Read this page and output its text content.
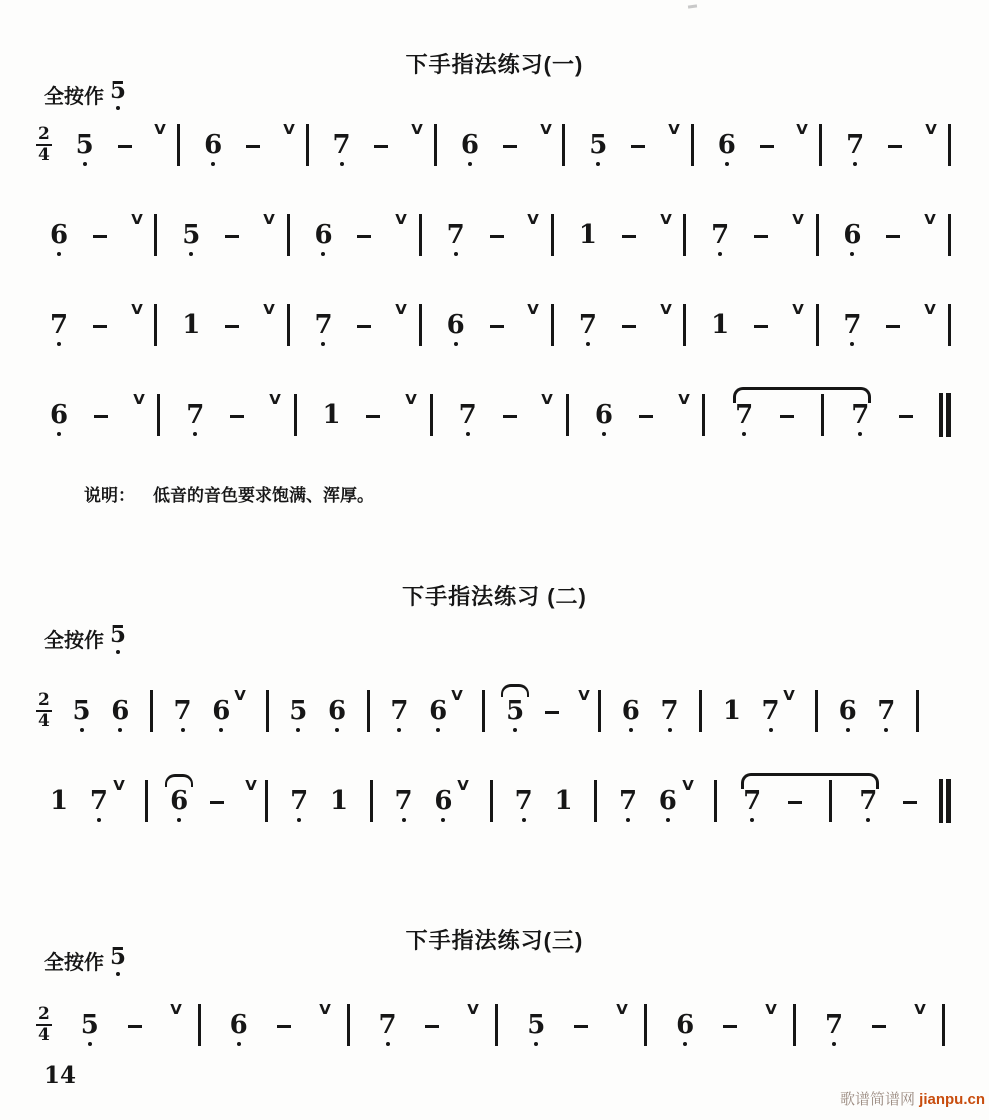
下手指法练习(一)
全按作 5
$\frac{2}{4} 5$	V 6	V 7	V 6	V 5	V 6	V 7	V
6	V 5	V 6	V 7	V 1	V 7	V 6	V
7	V 1	V 7	V 6	V 7	V 1	V 7	V
6	V 7	V 1	V 7	V 6	V 7	7

说明： 低音的音色要求饱满、浑厚。

下手指法练习 (二)
全按作 5
$\frac{2}{4} 5$ 6 7 6 V 5 6 7 6 V 5	V 6 7 1 7 V 6 7
1 7 V 6	V 7 1 7 6 V 7 1 7 6 V 7	7
下手指法练习(三)
全按作 5
$\frac{2}{4} 5$	V 6	V 7	V 5	V 6	V 7	V
14
歌谱简谱网 jianpu.cn
